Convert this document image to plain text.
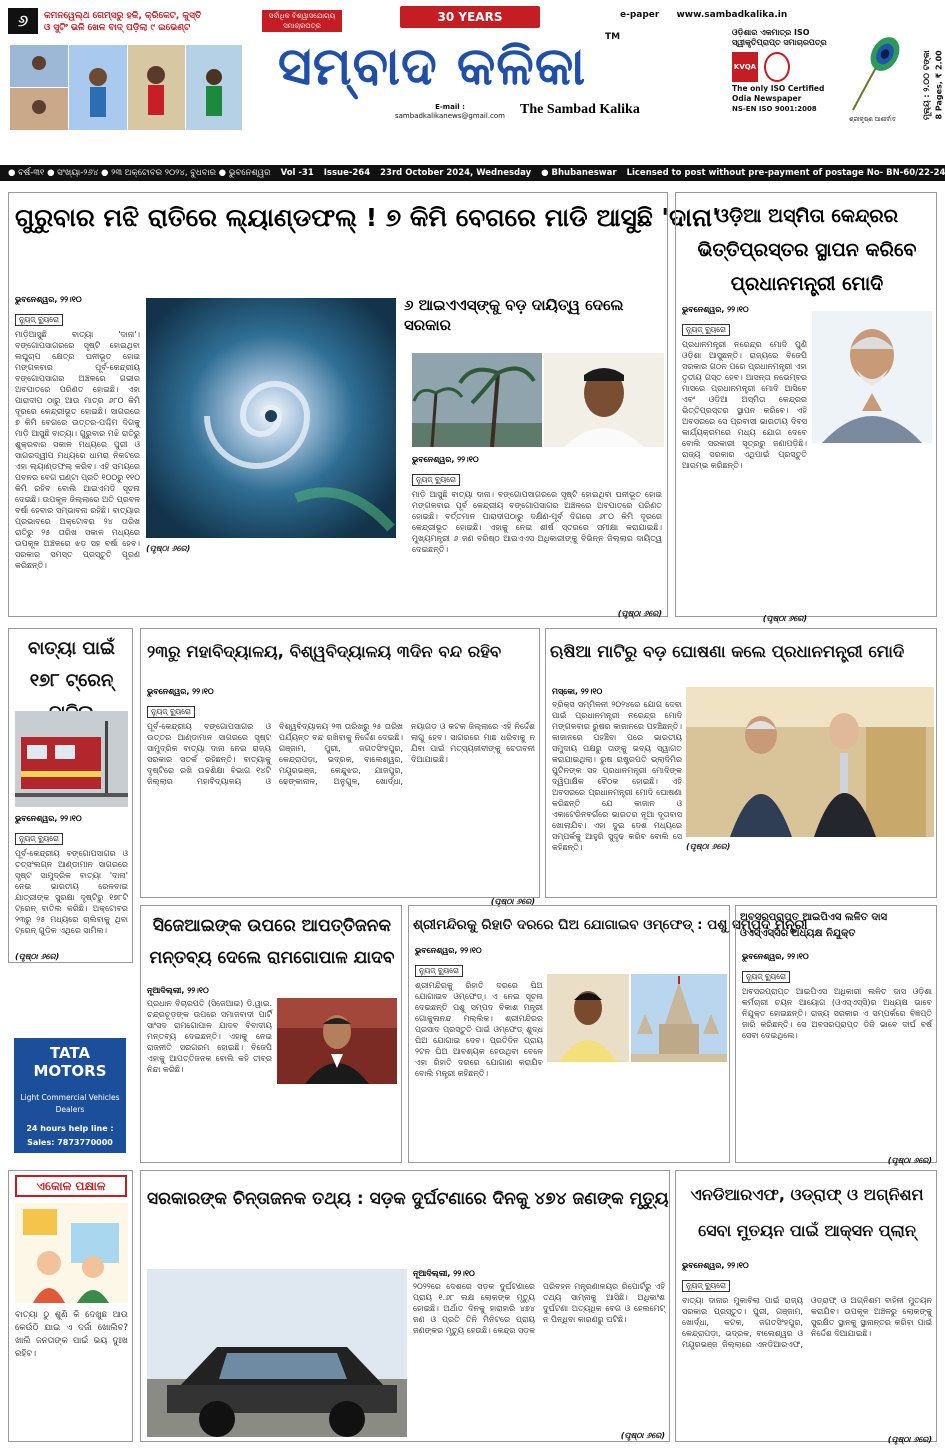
୬	କମନୱେଲ୍ଥ ଗେମ୍ସରୁ ହକି, କ୍ରିକେଟ, କୁସ୍ତି
ଓ ସୁଟିଂ ଭଳି ଖେଳ ବାଦ୍ ପଡ଼ିଲା ୯ ଇଭେଣ୍ଟ
ସର୍ବାଧିକ ବିଶ୍ୱାସଯୋଗ୍ୟ ସମାଚାରପତ୍ର
30 YEARS
ସମ୍ବାଦ କଳିକା	TM
E-mail :
sambadkalikanews@gmail.com	The Sambad Kalika
e-paper www.sambadkalika.in
ଓଡ଼ିଶାର ଏକମାତ୍ର ISO
ସ୍ୱୀକୃତିପ୍ରାପ୍ତ ସମାଚାରପତ୍ର
KVQA
The only ISO Certified
Odia Newspaper
NS-EN ISO 9001:2008
ଶ୍ରୀକୃଷ୍ଣ ଆଶୀର୍ବାଦ	ମୂଲ୍ୟ : ୨.୦୦ ଟଙ୍କା 8 Pages, ₹ 2.00
● ବର୍ଷ-୩୧ ● ସଂଖ୍ୟା-୨୬୪ ● ୨୩ ଅକ୍ଟୋବର ୨୦୨୪, ବୁଧବାର ● ଭୁବନେଶ୍ୱର Vol -31 Issue-264 23rd October 2024, Wednesday ● Bhubaneswar Licensed to post without pre-payment of postage No- BN-60/22-24
ଗୁରୁବାର ମଝି ରାତିରେ ଲ୍ୟାଣ୍ଡଫଲ୍ ! ୭ କିମି ବେଗରେ ମାଡି ଆସୁଛି 'ଦାନା'
ଭୁବନେଶ୍ୱର, ୨୨।୧୦
ନ୍ୟୁଜ୍ ବ୍ୟୁରୋ
ମାଡ଼ିଆସୁଛି ବାତ୍ୟା 'ଦାନା'। ବଙ୍ଗୋପସାଗରରେ ସୃଷ୍ଟି ହୋଇଥିବା ଲଘୁଚାପ କ୍ଷେତ୍ର ଘନୀଭୂତ ହୋଇ ମଙ୍ଗଳବାର ପୂର୍ବ-କେନ୍ଦ୍ରୀୟ ବଙ୍ଗୋପସାଗର ଅଞ୍ଚଳରେ ଗଭୀର ଅବପାତରେ ପରିଣତ ହୋଇଛି। ଏହା ପାରାଦୀପ ଠାରୁ ଆଉ ମାତ୍ର ୬୮୦ କିମି ଦୂରରେ କେନ୍ଦ୍ରୀଭୂତ ହୋଇଛି। ସାଗରରେ ୭ କିମି ବେଗରେ ଉତ୍ତର-ପଶ୍ଚିମ ଦିଗକୁ ମାଡ଼ି ଆସୁଛି ବାତ୍ୟା। ଗୁରୁବାର ମଝି ରାତିରୁ ଶୁକ୍ରବାର ସକାଳ ମଧ୍ୟରେ ପୁରୀ ଓ ସାଗରଦ୍ୱୀପ ମଧ୍ୟରେ ଧାମରା ନିକଟରେ ଏହା ଲ୍ୟାଣ୍ଡଫଲ୍ କରିବ। ଏହି ସମୟରେ ପବନର ବେଗ ଘଣ୍ଟା ପ୍ରତି ୧୦୦ରୁ ୧୧୦ କିମି ରହିବ ବୋଲି ଆଇଏମଡି ସୂଚନା ଦେଇଛି। ଉପକୂଳ ଜିଲ୍ଲାରେ ଅତି ପ୍ରବଳ ବର୍ଷା ହେବାର ସମ୍ଭାବନା ରହିଛି। ବାତ୍ୟାର ପ୍ରଭାବରେ ଅକ୍ଟୋବର ୨୪ ତାରିଖ ରାତିରୁ ୨୫ ତାରିଖ ସକାଳ ମଧ୍ୟରେ ଉପକୂଳ ଅଞ୍ଚଳରେ ଝଡ଼ ସହ ବର୍ଷା ହେବ। ସରକାର ସମସ୍ତ ପ୍ରସ୍ତୁତି ପୂରଣ କରିଛନ୍ତି।
(ପୃଷ୍ଠା ୬ରେ)
୬ ଆଇଏଏସ୍ଙ୍କୁ ବଡ଼ ଦାୟିତ୍ୱ ଦେଲେ ସରକାର
ଭୁବନେଶ୍ୱର, ୨୨।୧୦
ନ୍ୟୁଜ୍ ବ୍ୟୁରୋ
ମାଡ଼ି ଆସୁଛି ବାତ୍ୟା ଦାନା। ବଙ୍ଗୋପସାଗରରେ ସୃଷ୍ଟି ହୋଇଥିବା ଘନୀଭୂତ ହୋଇ ମଙ୍ଗଳବାର ପୂର୍ବ କେନ୍ଦ୍ରୀୟ ବଙ୍ଗୋପସାଗର ଅଞ୍ଚଳରେ ଅବପାତରେ ପରିଣତ ହୋଇଛି। ବର୍ତ୍ତମାନ ପାରାଦୀପଠାରୁ ଦକ୍ଷିଣ-ପୂର୍ବ ଦିଗରେ ୬୮୦ କିମି ଦୂରରେ କେନ୍ଦ୍ରୀଭୂତ ହୋଇଛି। ଏହାକୁ ନେଇ ଶୀର୍ଷ ସ୍ତରରେ ସମୀକ୍ଷା କରାଯାଇଛି। ମୁଖ୍ୟମନ୍ତ୍ରୀ ୬ ଜଣ ବରିଷ୍ଠ ଆଇଏଏସ ଅଧିକାରୀଙ୍କୁ ବିଭିନ୍ନ ଜିଲ୍ଲାର ଦାୟିତ୍ୱ ଦେଇଛନ୍ତି।
(ପୃଷ୍ଠା ୬ରେ)
ଓଡ଼ିଆ ଅସ୍ମିତା କେନ୍ଦ୍ରର ଭିତ୍ତିପ୍ରସ୍ତର ସ୍ଥାପନ କରିବେ ପ୍ରଧାନମନ୍ତ୍ରୀ ମୋଦି
ଭୁବନେଶ୍ୱର, ୨୨।୧୦
ନ୍ୟୁଜ୍ ବ୍ୟୁରୋ
ପ୍ରଧାନମନ୍ତ୍ରୀ ନରେନ୍ଦ୍ର ମୋଦି ପୁଣି ଓଡ଼ିଶା ଆସୁଛନ୍ତି। ରାଜ୍ୟରେ ବିଜେପି ସରକାର ଗଠନ ପରେ ପ୍ରଧାନମନ୍ତ୍ରୀ ଏହା ତୃତୀୟ ଗସ୍ତ ହେବ। ଆସନ୍ତା ନଭେମ୍ବର ମାସରେ ପ୍ରଧାନମନ୍ତ୍ରୀ ମୋଦି ଆସିବେ ଏବଂ ଓଡ଼ିଆ ଅସ୍ମିତା କେନ୍ଦ୍ରର ଭିତ୍ତିପ୍ରସ୍ତର ସ୍ଥାପନ କରିବେ। ଏହି ଅବସରରେ ସେ ପ୍ରବାସୀ ଭାରତୀୟ ଦିବସ କାର୍ଯ୍ୟକ୍ରମରେ ମଧ୍ୟ ଯୋଗ ଦେବେ ବୋଲି ସରକାରୀ ସୂତ୍ରରୁ ଜଣାପଡ଼ିଛି। ରାଜ୍ୟ ସରକାର ଏଥିପାଇଁ ପ୍ରସ୍ତୁତି ଆରମ୍ଭ କରିଛନ୍ତି।
(ପୃଷ୍ଠା ୬ରେ)
ବାତ୍ୟା ପାଇଁ ୧୭୮ ଟ୍ରେନ୍
ଭୁବନେଶ୍ୱର, ୨୨।୧୦
ନ୍ୟୁଜ୍ ବ୍ୟୁରୋ
ପୂର୍ବ-କେନ୍ଦ୍ରୀୟ ବଙ୍ଗୋପସାଗର ଓ ତତ୍ସଂଲଗ୍ନ ଆଣ୍ଡାମାନ ସାଗରରେ ସୃଷ୍ଟ ସାମୁଦ୍ରିକ ବାତ୍ୟା 'ଦାନା' ନେଇ ଭାରତୀୟ ରେଳବାଇ ଯାତ୍ରୀଙ୍କ ସୁରକ୍ଷା ଦୃଷ୍ଟିରୁ ୧୭୮ଟି ଟ୍ରେନ୍ ବାତିଲ କରିଛି। ଅକ୍ଟୋବର ୨୩ରୁ ୨୫ ମଧ୍ୟରେ ଚାଲିବାକୁ ଥିବା ଟ୍ରେନ୍ ଗୁଡ଼ିକ ଏଥିରେ ସାମିଲ।
(ପୃଷ୍ଠା ୬ରେ)
୨୩ରୁ ମହାବିଦ୍ୟାଳୟ, ବିଶ୍ୱବିଦ୍ୟାଳୟ ୩ଦିନ ବନ୍ଦ ରହିବ
ଭୁବନେଶ୍ୱର, ୨୨।୧୦
ନ୍ୟୁଜ୍ ବ୍ୟୁରୋ
ପୂର୍ବ-କେନ୍ଦ୍ରୀୟ ବଙ୍ଗୋପସାଗର ଓ ଉତ୍ତର ଆଣ୍ଡାମାନ ସାଗରରେ ସୃଷ୍ଟ ସାମୁଦ୍ରିକ ବାତ୍ୟା ଦାନା ନେଇ ରାଜ୍ୟ ସରକାର ସତର୍କ ରହିଛନ୍ତି। ବାତ୍ୟାକୁ ଦୃଷ୍ଟିରେ ରଖି ଉଚ୍ଚଶିକ୍ଷା ବିଭାଗ ୧୪ଟି ଜିଲ୍ଲାର ମହାବିଦ୍ୟାଳୟ ଓ ବିଶ୍ୱବିଦ୍ୟାଳୟ ୨୩ ତାରିଖରୁ ୨୫ ତାରିଖ ପର୍ଯ୍ୟନ୍ତ ବନ୍ଦ ରଖିବାକୁ ନିର୍ଦ୍ଦେଶ ଦେଇଛି। ଗଞ୍ଜାମ, ପୁରୀ, ଜଗତସିଂହପୁର, କେନ୍ଦ୍ରାପଡ଼ା, ଭଦ୍ରକ, ବାଲେଶ୍ୱର, ମୟୂରଭଞ୍ଜ, କେନ୍ଦୁଝର, ଯାଜପୁର, ଢେଙ୍କାନାଳ, ଅନୁଗୁଳ, ଖୋର୍ଦ୍ଧା, ନୟାଗଡ଼ ଓ କଟକ ଜିଲ୍ଲାରେ ଏହି ନିର୍ଦ୍ଦେଶ ଲାଗୁ ହେବ। ସାଗରରେ ମାଛ ଧରିବାକୁ ନ ଯିବା ପାଇଁ ମତ୍ସ୍ୟଜୀବୀଙ୍କୁ ଚେତାବନୀ ଦିଆଯାଇଛି।
(ପୃଷ୍ଠା ୬ରେ)
ଋଷିଆ ମାଟିରୁ ବଡ଼ ଘୋଷଣା କଲେ ପ୍ରଧାନମନ୍ତ୍ରୀ ମୋଦି
ମସ୍କୋ, ୨୨।୧୦
ବ୍ରିକ୍ସ ସମ୍ମିଳନୀ ୨୦୨୪ରେ ଯୋଗ ଦେବା ପାଇଁ ପ୍ରଧାନମନ୍ତ୍ରୀ ନରେନ୍ଦ୍ର ମୋଦି ମଙ୍ଗଳବାର ରୁଷର କାଜାନରେ ପହଞ୍ଚିଛନ୍ତି। କାଜାନରେ ପହଞ୍ଚିବା ପରେ ଭାରତୀୟ ସମୁଦାୟ ପକ୍ଷରୁ ତାଙ୍କୁ ଭବ୍ୟ ସ୍ୱାଗତ କରାଯାଇଥିଲା। ରୁଷ ରାଷ୍ଟ୍ରପତି ଭ୍ଲାଦିମିର ପୁଟିନଙ୍କ ସହ ପ୍ରଧାନମନ୍ତ୍ରୀ ମୋଦିଙ୍କ ଦ୍ୱିପାକ୍ଷିକ ବୈଠକ ହୋଇଛି। ଏହି ଅବସରରେ ପ୍ରଧାନମନ୍ତ୍ରୀ ମୋଦି ଘୋଷଣା କରିଛନ୍ତି ଯେ କାଜାନ ଓ ଏକାଟେରିନବର୍ଗରେ ଭାରତର ନୂଆ ଦୂତାବାସ ଖୋଲାଯିବ। ଏହା ଦୁଇ ଦେଶ ମଧ୍ୟରେ ସମ୍ପର୍କକୁ ଆହୁରି ସୁଦୃଢ କରିବ ବୋଲି ସେ କହିଛନ୍ତି।	(ପୃଷ୍ଠା ୬ରେ)
ସିଜେଆଇଙ୍କ ଉପରେ ଆପତ୍ତିଜନକ ମନ୍ତବ୍ୟ ଦେଲେ ରାମଗୋପାଳ ଯାଦବ
ନୂଆଦିଲ୍ଲୀ, ୨୨।୧୦
ପ୍ରଧାନ ବିଚାରପତି (ସିଜେଆଇ) ଡି.ୱାଇ. ଚନ୍ଦ୍ରଚୂଡ଼ଙ୍କ ଉପରେ ସମାଜବାଦୀ ପାର୍ଟି ସାଂସଦ ରାମଗୋପାଳ ଯାଦବ ବିବାଦୀୟ ମନ୍ତବ୍ୟ ଦେଇଛନ୍ତି। ଏହାକୁ ନେଇ ରାଜନୀତି ସରଗରମ ହୋଇଛି। ବିଜେପି ଏହାକୁ ଆପତ୍ତିଜନକ ବୋଲି କହି ତୀବ୍ର ନିନ୍ଦା କରିଛି।
ଶ୍ରୀମନ୍ଦିରକୁ ରିହାତି ଦରରେ ଘିଅ ଯୋଗାଇବ ଓମ୍‌ଫେଡ୍ : ପଶୁ ସମ୍ପଦ ମନ୍ତ୍ରୀ
ଭୁବନେଶ୍ୱର, ୨୨।୧୦
ନ୍ୟୁଜ୍ ବ୍ୟୁରୋ
ଶ୍ରୀମନ୍ଦିରକୁ ରିହାତି ଦରରେ ଘିଅ ଯୋଗାଇବ ଓମ୍‌ଫେଡ୍। ଏ ନେଇ ସୂଚନା ଦେଇଛନ୍ତି ପଶୁ ସମ୍ପଦ ବିକାଶ ମନ୍ତ୍ରୀ ଗୋକୁଳାନନ୍ଦ ମଲ୍ଲିକ। ଶ୍ରୀମନ୍ଦିରର ପ୍ରସାଦ ପ୍ରସ୍ତୁତି ପାଇଁ ଓମ୍‌ଫେଡ୍ ଶୁଦ୍ଧ ଘିଅ ଯୋଗାଇ ଦେବ। ପ୍ରତିଦିନ ପ୍ରାୟ ୨ଟନ ଘିଅ ଆବଶ୍ୟକ ହେଉଥିବା ବେଳେ ଏହା ରିହାତି ଦରରେ ଯୋଗାଣ କରାଯିବ ବୋଲି ମନ୍ତ୍ରୀ କହିଛନ୍ତି।
ଅବସରପ୍ରାପ୍ତ ଆଇପିଏସ ଲଳିତ ଦାସ ଓଏସ୍‌ଏସ୍‌ସିର ଅଧ୍ୟକ୍ଷ ନିଯୁକ୍ତ
ଭୁବନେଶ୍ୱର, ୨୨।୧୦
ନ୍ୟୁଜ୍ ବ୍ୟୁରୋ
ଅବସରପ୍ରାପ୍ତ ଆଇପିଏସ ଅଧିକାରୀ ଲଳିତ ଦାସ ଓଡ଼ିଶା କର୍ମଚାରୀ ଚୟନ ଆୟୋଗ (ଓଏସ୍‌ଏସ୍‌ସି)ର ଅଧ୍ୟକ୍ଷ ଭାବେ ନିଯୁକ୍ତ ହୋଇଛନ୍ତି। ରାଜ୍ୟ ସରକାର ଏ ସମ୍ପର୍କରେ ବିଜ୍ଞପ୍ତି ଜାରି କରିଛନ୍ତି। ସେ ଅବସରପ୍ରାପ୍ତ ଡିଜି ଭାବେ ଦୀର୍ଘ ବର୍ଷ ସେବା ଦେଇଥିଲେ।
(ପୃଷ୍ଠା ୬ରେ)
TATA MOTORS
Light Commercial Vehicles
Dealers
24 hours help line :
Sales: 7873770000
ଏକୋଳ ପକ୍ଷାଳ
ବାତ୍ୟା ଠୁ ଶୁଣି କି ଦେଖୁଛ ଆଉ କେଉଁଠି ଯାଇ ଏ ଦର୍ଜା ଖୋଲିବ? ଖାଲି ଜନତାଙ୍କ ପାଇଁ ଭୟ ଦୁଃଖ ରହିବ।
ସରକାରଙ୍କ ଚିନ୍ତାଜନକ ତଥ୍ୟ : ସଡ଼କ ଦୁର୍ଘଟଣାରେ ଦିନକୁ ୪୭୪ ଜଣଙ୍କ ମୃତ୍ୟୁ
ନୂଆଦିଲ୍ଲୀ, ୨୨।୧୦
୨୦୨୨ରେ ଦେଶରେ ସଡ଼କ ଦୁର୍ଘଟଣାରେ ପ୍ରାୟ ୧.୬୮ ଲକ୍ଷ ଲୋକଙ୍କ ମୃତ୍ୟୁ ହୋଇଛି। ଅର୍ଥାତ ଦିନକୁ ହାରାହାରି ୪୭୪ ଜଣ ଓ ପ୍ରତି ତିନି ମିନିଟରେ ପ୍ରାୟ ଜଣଙ୍କର ମୃତ୍ୟୁ ହେଉଛି। କେନ୍ଦ୍ର ସଡ଼କ ପରିବହନ ମନ୍ତ୍ରଣାଳୟର ରିପୋର୍ଟରୁ ଏହି ତଥ୍ୟ ସାମ୍ନାକୁ ଆସିଛି। ଅଧିକାଂଶ ଦୁର୍ଘଟଣା ଅତ୍ୟଧିକ ବେଗ ଓ ହେଲମେଟ୍ ନ ପିନ୍ଧିବା କାରଣରୁ ଘଟିଛି।
(ପୃଷ୍ଠା ୬ରେ)
ଏନଡିଆରଏଫ, ଓଡ୍ରାଫ୍ ଓ ଅଗ୍ନିଶମ ସେବା ମୁତୟନ ପାଇଁ ଆକ୍ସନ ପ୍ଲାନ୍
ଭୁବନେଶ୍ୱର, ୨୨।୧୦
ନ୍ୟୁଜ୍ ବ୍ୟୁରୋ
ବାତ୍ୟା ଦାନାର ମୁକାବିଲା ପାଇଁ ରାଜ୍ୟ ସରକାର ପ୍ରସ୍ତୁତ। ପୁରୀ, ଗଞ୍ଜାମ, ଖୋର୍ଦ୍ଧା, କଟକ, ଜଗତସିଂହପୁର, କେନ୍ଦ୍ରାପଡ଼ା, ଭଦ୍ରକ, ବାଲେଶ୍ୱର ଓ ମୟୂରଭଞ୍ଜ ଜିଲ୍ଲାରେ ଏନଡିଆରଏଫ, ଓଡ୍ରାଫ୍ ଓ ଅଗ୍ନିଶମ ବାହିନୀ ମୁତୟନ କରାଯିବ। ଉପକୂଳ ଅଞ୍ଚଳରୁ ଲୋକଙ୍କୁ ସୁରକ୍ଷିତ ସ୍ଥାନକୁ ସ୍ଥାନାନ୍ତର କରିବା ପାଇଁ ନିର୍ଦ୍ଦେଶ ଦିଆଯାଇଛି।
(ପୃଷ୍ଠା ୬ରେ)
